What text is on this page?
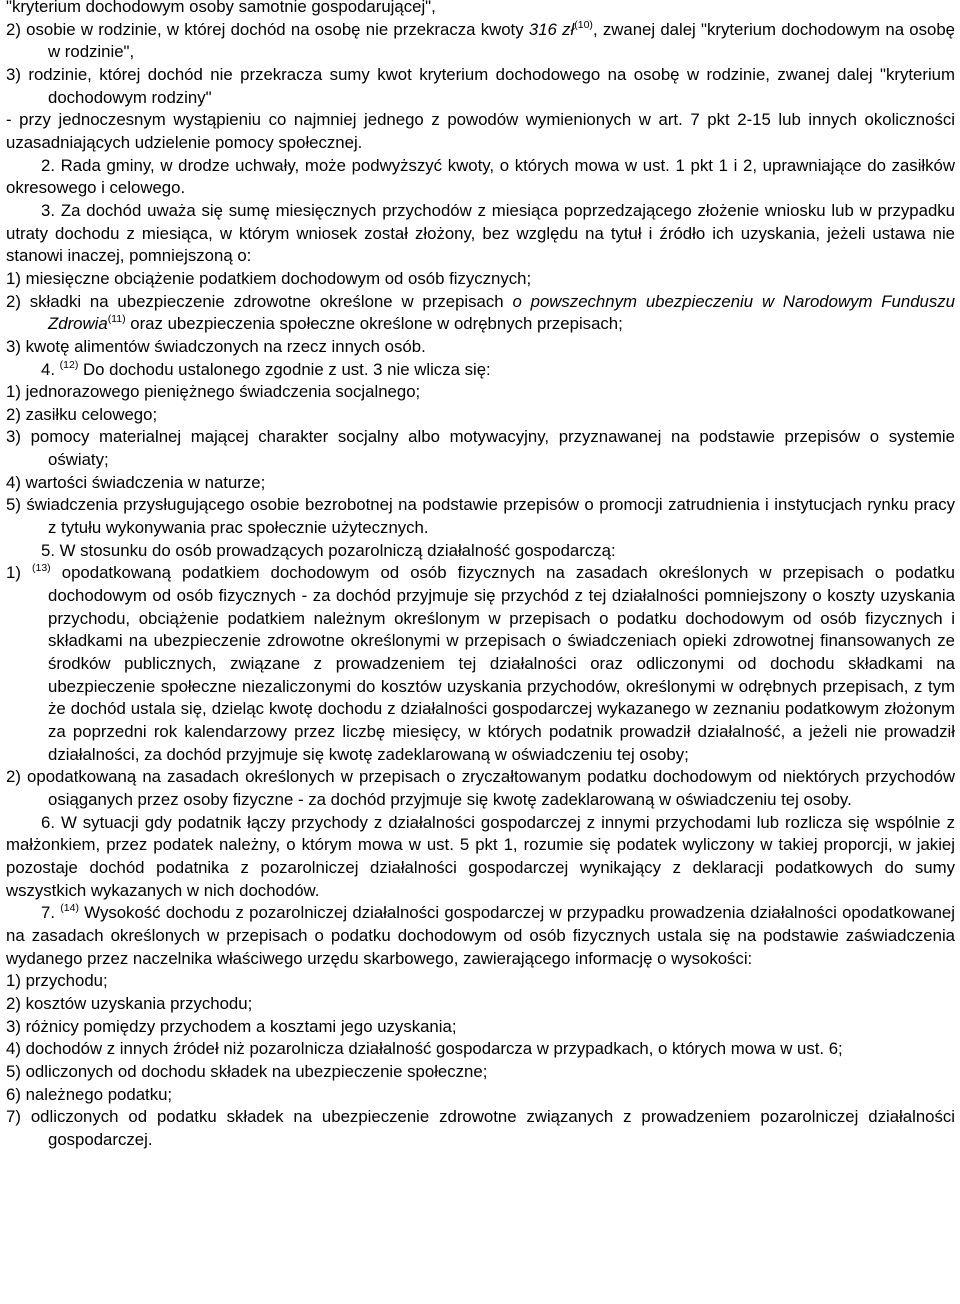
"kryterium dochodowym osoby samotnie gospodarującej",

2) osobie w rodzinie, w której dochód na osobę nie przekracza kwoty 316 $zł^{(10)}$, zwanej dalej "kryterium dochodowym na osobę w rodzinie",

3) rodzinie, której dochód nie przekracza sumy kwot kryterium dochodowego na osobę w rodzinie, zwanej dalej "kryterium dochodowym rodziny"

- przy jednoczesnym wystąpieniu co najmniej jednego z powodów wymienionych w art. 7 pkt 2-15 lub innych okoliczności uzasadniających udzielenie pomocy społecznej.

2. Rada gminy, w drodze uchwały, może podwyższyć kwoty, o których mowa w ust. 1 pkt 1 i 2, uprawniające do zasiłków okresowego i celowego.

3. Za dochód uważa się sumę miesięcznych przychodów z miesiąca poprzedzającego złożenie wniosku lub w przypadku utraty dochodu z miesiąca, w którym wniosek został złożony, bez względu na tytuł i źródło ich uzyskania, jeżeli ustawa nie stanowi inaczej, pomniejszoną o:

1) miesięczne obciążenie podatkiem dochodowym od osób fizycznych;

2) składki na ubezpieczenie zdrowotne określone w przepisach o powszechnym ubezpieczeniu w Narodowym Funduszu Zdrowia$^{(11)}$ oraz ubezpieczenia społeczne określone w odrębnych przepisach;

3) kwotę alimentów świadczonych na rzecz innych osób.

4. $^{(12)}$ Do dochodu ustalonego zgodnie z ust. 3 nie wlicza się:

1) jednorazowego pieniężnego świadczenia socjalnego;

2) zasiłku celowego;

3) pomocy materialnej mającej charakter socjalny albo motywacyjny, przyznawanej na podstawie przepisów o systemie oświaty;

4) wartości świadczenia w naturze;

5) świadczenia przysługującego osobie bezrobotnej na podstawie przepisów o promocji zatrudnienia i instytucjach rynku pracy z tytułu wykonywania prac społecznie użytecznych.

5. W stosunku do osób prowadzących pozarolniczą działalność gospodarczą:

1) $^{(13)}$ opodatkowaną podatkiem dochodowym od osób fizycznych na zasadach określonych w przepisach o podatku dochodowym od osób fizycznych - za dochód przyjmuje się przychód z tej działalności pomniejszony o koszty uzyskania przychodu, obciążenie podatkiem należnym określonym w przepisach o podatku dochodowym od osób fizycznych i składkami na ubezpieczenie zdrowotne określonymi w przepisach o świadczeniach opieki zdrowotnej finansowanych ze środków publicznych, związane z prowadzeniem tej działalności oraz odliczonymi od dochodu składkami na ubezpieczenie społeczne niezaliczonymi do kosztów uzyskania przychodów, określonymi w odrębnych przepisach, z tym że dochód ustala się, dzieląc kwotę dochodu z działalności gospodarczej wykazanego w zeznaniu podatkowym złożonym za poprzedni rok kalendarzowy przez liczbę miesięcy, w których podatnik prowadził działalność, a jeżeli nie prowadził działalności, za dochód przyjmuje się kwotę zadeklarowaną w oświadczeniu tej osoby;

2) opodatkowaną na zasadach określonych w przepisach o zryczałtowanym podatku dochodowym od niektórych przychodów osiąganych przez osoby fizyczne - za dochód przyjmuje się kwotę zadeklarowaną w oświadczeniu tej osoby.

6. W sytuacji gdy podatnik łączy przychody z działalności gospodarczej z innymi przychodami lub rozlicza się wspólnie z małżonkiem, przez podatek należny, o którym mowa w ust. 5 pkt 1, rozumie się podatek wyliczony w takiej proporcji, w jakiej pozostaje dochód podatnika z pozarolniczej działalności gospodarczej wynikający z deklaracji podatkowych do sumy wszystkich wykazanych w nich dochodów.

7. $^{(14)}$ Wysokość dochodu z pozarolniczej działalności gospodarczej w przypadku prowadzenia działalności opodatkowanej na zasadach określonych w przepisach o podatku dochodowym od osób fizycznych ustala się na podstawie zaświadczenia wydanego przez naczelnika właściwego urzędu skarbowego, zawierającego informację o wysokości:

1) przychodu;

2) kosztów uzyskania przychodu;

3) różnicy pomiędzy przychodem a kosztami jego uzyskania;

4) dochodów z innych źródeł niż pozarolnicza działalność gospodarcza w przypadkach, o których mowa w ust. 6;

5) odliczonych od dochodu składek na ubezpieczenie społeczne;

6) należnego podatku;

7) odliczonych od podatku składek na ubezpieczenie zdrowotne związanych z prowadzeniem pozarolniczej działalności gospodarczej.
